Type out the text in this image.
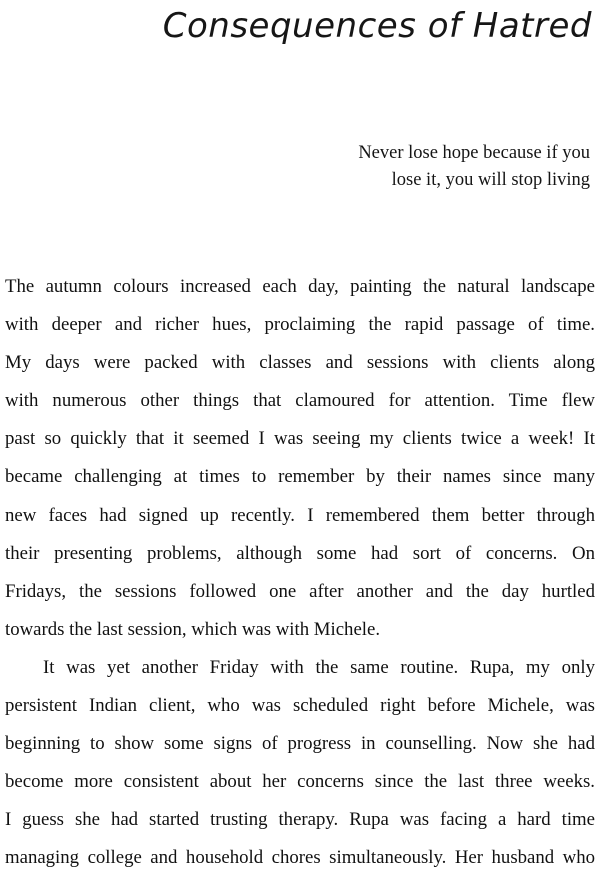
Consequences of Hatred
Never lose hope because if you
lose it, you will stop living

The autumn colours increased each day, painting the natural landscape
with deeper and richer hues, proclaiming the rapid passage of time.
My days were packed with classes and sessions with clients along
with numerous other things that clamoured for attention. Time flew
past so quickly that it seemed I was seeing my clients twice a week! It
became challenging at times to remember by their names since many
new faces had signed up recently. I remembered them better through
their presenting problems, although some had sort of concerns. On
Fridays, the sessions followed one after another and the day hurtled
towards the last session, which was with Michele.

It was yet another Friday with the same routine. Rupa, my only
persistent Indian client, who was scheduled right before Michele, was
beginning to show some signs of progress in counselling. Now she had
become more consistent about her concerns since the last three weeks.
I guess she had started trusting therapy. Rupa was facing a hard time
managing college and household chores simultaneously. Her husband who
